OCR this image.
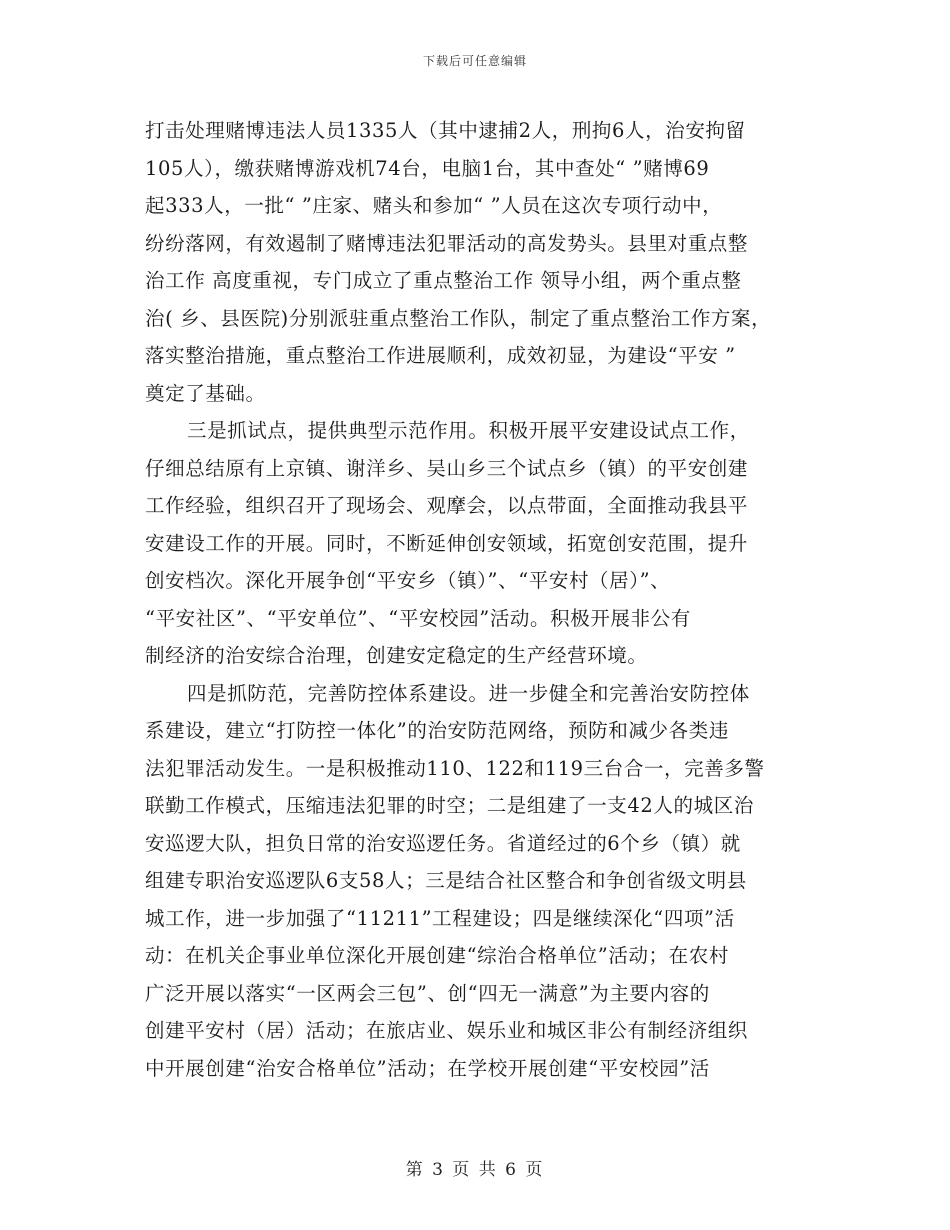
下载后可任意编辑
打击处理赌博违法人员1335人（其中逮捕2人，刑拘6人，治安拘留
105人），缴获赌博游戏机74台，电脑1台，其中查处“ ”赌博69
起333人，一批“ ”庄家、赌头和参加“ ”人员在这次专项行动中，
纷纷落网，有效遏制了赌博违法犯罪活动的高发势头。县里对重点整
治工作 高度重视，专门成立了重点整治工作 领导小组，两个重点整
治( 乡、县医院)分别派驻重点整治工作队，制定了重点整治工作方案，
落实整治措施，重点整治工作进展顺利，成效初显，为建设“平安 ”
奠定了基础。
三是抓试点，提供典型示范作用。积极开展平安建设试点工作，
仔细总结原有上京镇、谢洋乡、吴山乡三个试点乡（镇）的平安创建
工作经验，组织召开了现场会、观摩会，以点带面，全面推动我县平
安建设工作的开展。同时，不断延伸创安领域，拓宽创安范围，提升
创安档次。深化开展争创“平安乡（镇）”、“平安村（居）”、
“平安社区”、“平安单位”、“平安校园”活动。积极开展非公有
制经济的治安综合治理，创建安定稳定的生产经营环境。
四是抓防范，完善防控体系建设。进一步健全和完善治安防控体
系建设，建立“打防控一体化”的治安防范网络，预防和减少各类违
法犯罪活动发生。一是积极推动110、122和119三台合一，完善多警
联勤工作模式，压缩违法犯罪的时空；二是组建了一支42人的城区治
安巡逻大队，担负日常的治安巡逻任务。省道经过的6个乡（镇）就
组建专职治安巡逻队6支58人；三是结合社区整合和争创省级文明县
城工作，进一步加强了“11211”工程建设；四是继续深化“四项”活
动：在机关企事业单位深化开展创建“综治合格单位”活动；在农村
广泛开展以落实“一区两会三包”、创“四无一满意”为主要内容的
创建平安村（居）活动；在旅店业、娱乐业和城区非公有制经济组织
中开展创建“治安合格单位”活动；在学校开展创建“平安校园”活
第 3 页 共 6 页
